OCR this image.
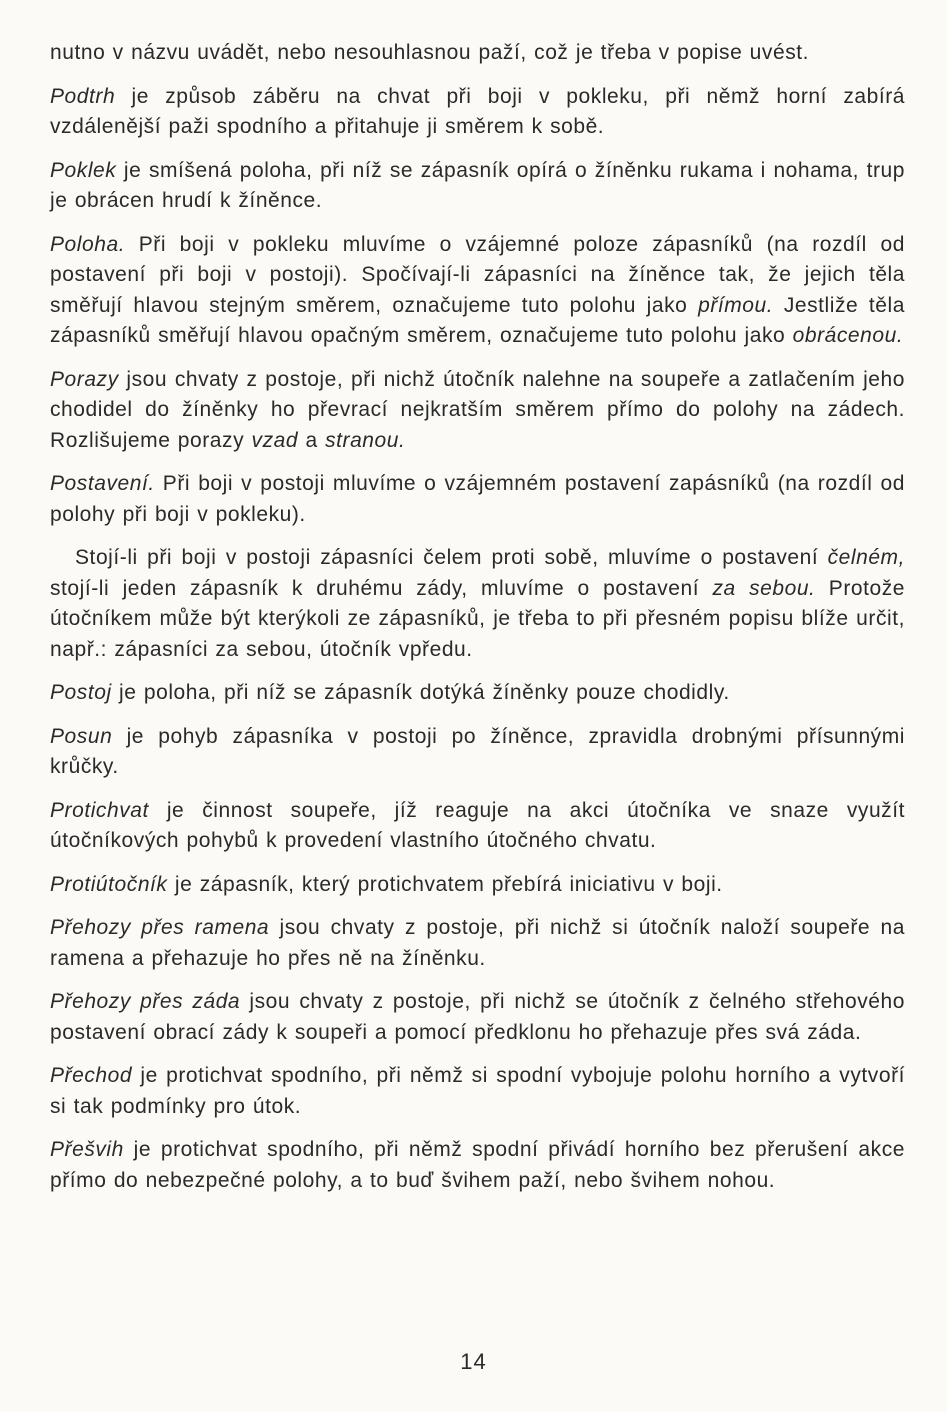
nutno v názvu uvádět, nebo nesouhlasnou paží, což je třeba v popise uvést.

Podtrh je způsob záběru na chvat při boji v pokleku, při němž horní zabírá vzdálenější paži spodního a přitahuje ji směrem k sobě.

Poklek je smíšená poloha, při níž se zápasník opírá o žíněnku rukama i nohama, trup je obrácen hrudí k žíněnce.

Poloha. Při boji v pokleku mluvíme o vzájemné poloze zápasníků (na rozdíl od postavení při boji v postoji). Spočívají-li zápasníci na žíněnce tak, že jejich těla směřují hlavou stejným směrem, označujeme tuto polohu jako přímou. Jestliže těla zápasníků směřují hlavou opačným směrem, označujeme tuto polohu jako obrácenou.

Porazy jsou chvaty z postoje, při nichž útočník nalehne na soupeře a zatlačením jeho chodidel do žíněnky ho převrací nejkratším směrem přímo do polohy na zádech. Rozlišujeme porazy vzad a stranou.

Postavení. Při boji v postoji mluvíme o vzájemném postavení zapásníků (na rozdíl od polohy při boji v pokleku).

Stojí-li při boji v postoji zápasníci čelem proti sobě, mluvíme o postavení čelném, stojí-li jeden zápasník k druhému zády, mluvíme o postavení za sebou. Protože útočníkem může být kterýkoli ze zápasníků, je třeba to při přesném popisu blíže určit, např.: zápasníci za sebou, útočník vpředu.

Postoj je poloha, při níž se zápasník dotýká žíněnky pouze chodidly.

Posun je pohyb zápasníka v postoji po žíněnce, zpravidla drobnými přísunnými krůčky.

Protichvat je činnost soupeře, jíž reaguje na akci útočníka ve snaze využít útočníkových pohybů k provedení vlastního útočného chvatu.

Protiútočník je zápasník, který protichvatem přebírá iniciativu v boji.

Přehozy přes ramena jsou chvaty z postoje, při nichž si útočník naloží soupeře na ramena a přehazuje ho přes ně na žíněnku.

Přehozy přes záda jsou chvaty z postoje, při nichž se útočník z čelného střehového postavení obrací zády k soupeři a pomocí předklonu ho přehazuje přes svá záda.

Přechod je protichvat spodního, při němž si spodní vybojuje polohu horního a vytvoří si tak podmínky pro útok.

Přešvih je protichvat spodního, při němž spodní přivádí horního bez přerušení akce přímo do nebezpečné polohy, a to buď švihem paží, nebo švihem nohou.

14
